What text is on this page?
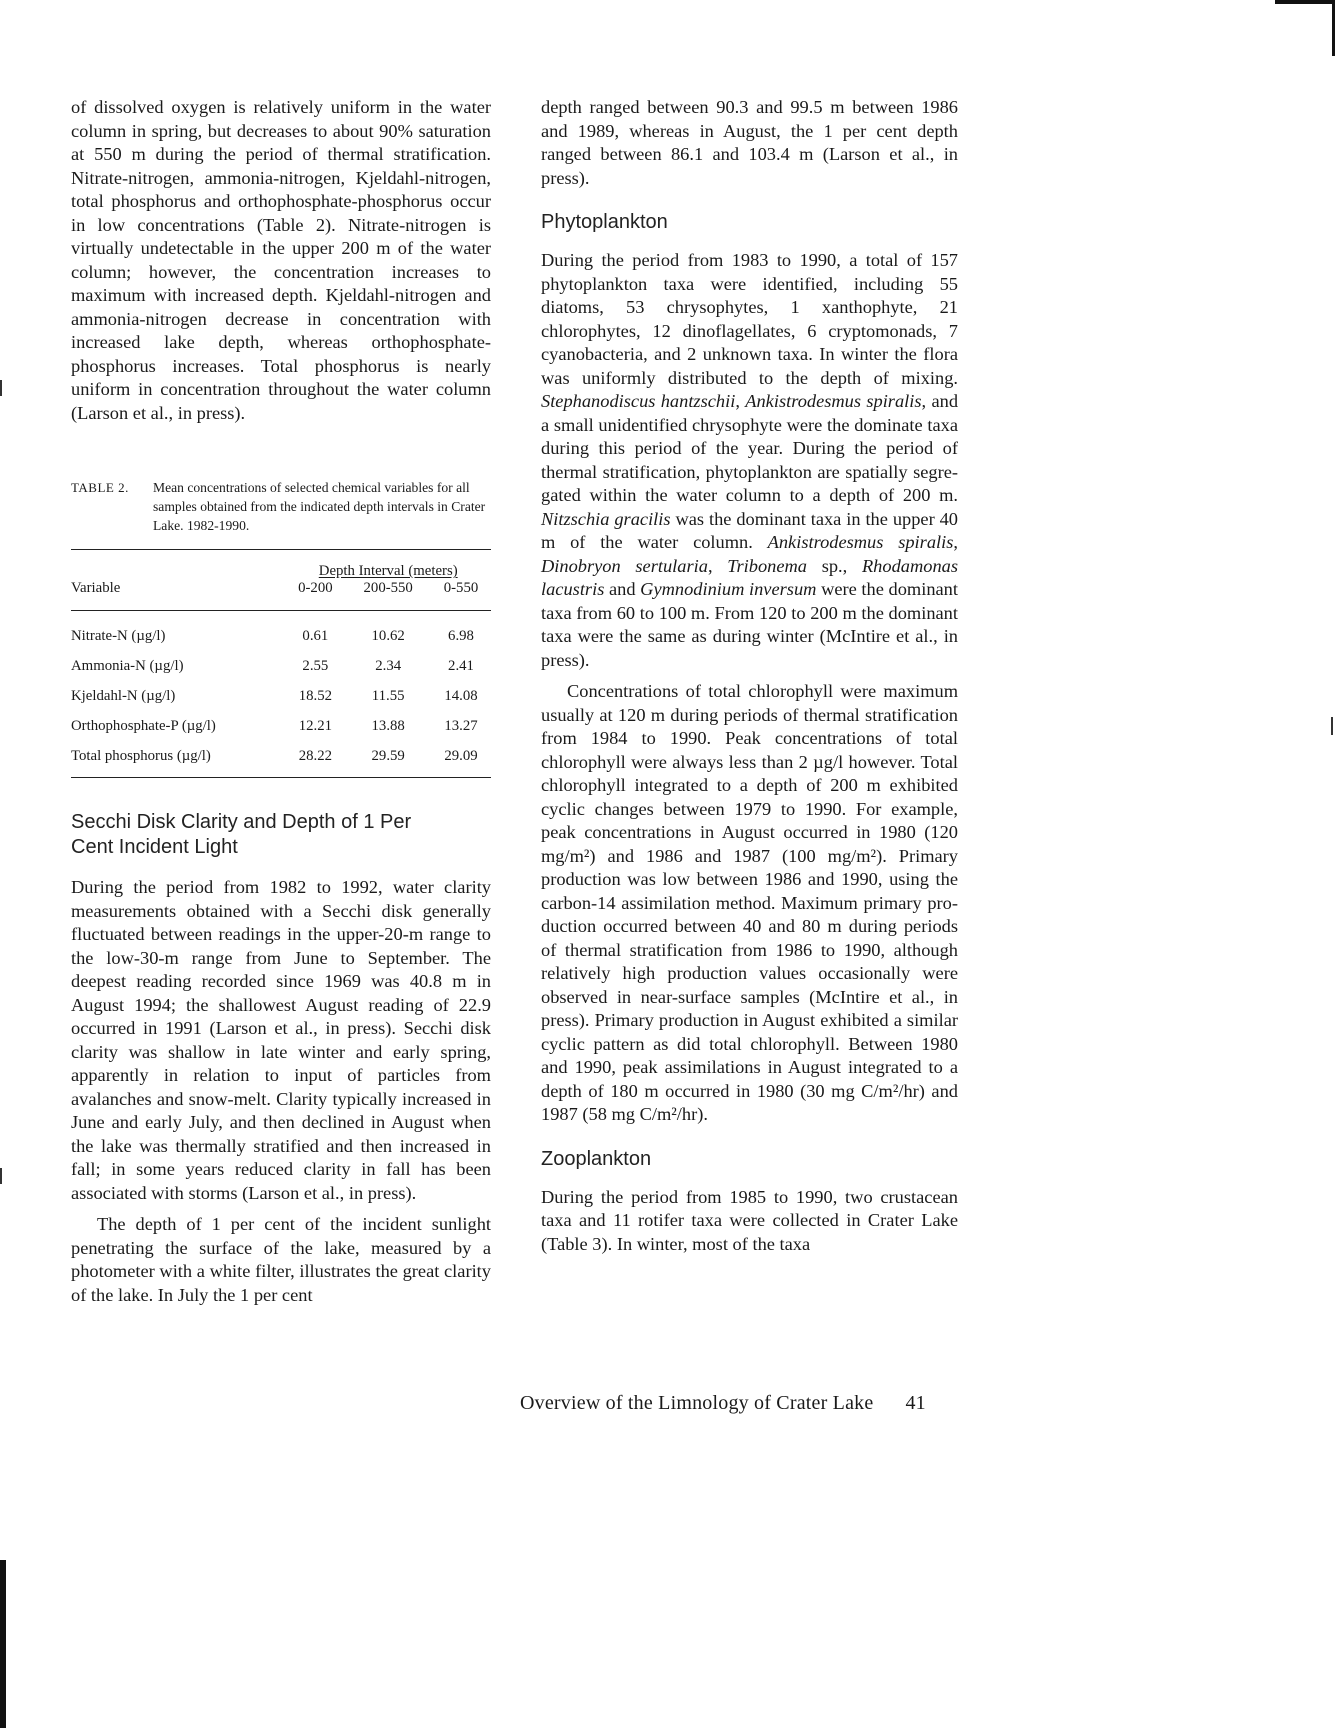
of dissolved oxygen is relatively uniform in the water column in spring, but decreases to about 90% saturation at 550 m during the period of thermal stratification. Nitrate-nitrogen, ammonia-nitrogen, Kjeldahl-nitrogen, total phosphorus and orthophosphate-phosphorus occur in low concentrations (Table 2). Nitrate-nitrogen is virtually undetectable in the upper 200 m of the water column; however, the concentration increases to maximum with increased depth. Kjeldahl-nitrogen and ammonia-nitrogen decrease in concentration with increased lake depth, whereas orthophosphate-phosphorus increases. Total phosphorus is nearly uniform in concentration throughout the water column (Larson et al., in press).

TABLE 2. Mean concentrations of selected chemical variables for all samples obtained from the indicated depth intervals in Crater Lake. 1982-1990.
	Depth Interval (meters)		
Variable	0-200	200-550	0-550

Nitrate-N (µg/l)	0.61	10.62	6.98
Ammonia-N (µg/l)	2.55	2.34	2.41
Kjeldahl-N (µg/l)	18.52	11.55	14.08
Orthophosphate-P (µg/l)	12.21	13.88	13.27
Total phosphorus (µg/l)	28.22	29.59	29.09
Secchi Disk Clarity and Depth of 1 Per Cent Incident Light

During the period from 1982 to 1992, water clarity measurements obtained with a Secchi disk generally fluctuated between readings in the upper-20-m range to the low-30-m range from June to September. The deepest reading recorded since 1969 was 40.8 m in August 1994; the shallowest August reading of 22.9 occurred in 1991 (Larson et al., in press). Secchi disk clarity was shallow in late winter and early spring, apparently in relation to input of particles from avalanches and snow-melt. Clarity typically increased in June and early July, and then declined in August when the lake was thermally stratified and then increased in fall; in some years reduced clarity in fall has been associated with storms (Larson et al., in press).

The depth of 1 per cent of the incident sunlight penetrating the surface of the lake, measured by a photometer with a white filter, illustrates the great clarity of the lake. In July the 1 per cent

depth ranged between 90.3 and 99.5 m between 1986 and 1989, whereas in August, the 1 per cent depth ranged between 86.1 and 103.4 m (Larson et al., in press).

Phytoplankton

During the period from 1983 to 1990, a total of 157 phytoplankton taxa were identified, including 55 diatoms, 53 chrysophytes, 1 xanthophyte, 21 chlorophytes, 12 dinoflagellates, 6 cryptomonads, 7 cyanobacteria, and 2 unknown taxa. In winter the flora was uniformly distributed to the depth of mixing. Stephanodiscus hantzschii, Ankistrodesmus spiralis, and a small unidentified chrysophyte were the dominate taxa during this period of the year. During the period of thermal stratification, phytoplankton are spatially segregated within the water column to a depth of 200 m. Nitzschia gracilis was the dominant taxa in the upper 40 m of the water column. Ankistrodesmus spiralis, Dinobryon sertularia, Tribonema sp., Rhodamonas lacustris and Gymnodinium inversum were the dominant taxa from 60 to 100 m. From 120 to 200 m the dominant taxa were the same as during winter (McIntire et al., in press).

Concentrations of total chlorophyll were maximum usually at 120 m during periods of thermal stratification from 1984 to 1990. Peak concentrations of total chlorophyll were always less than 2 µg/l however. Total chlorophyll integrated to a depth of 200 m exhibited cyclic changes between 1979 to 1990. For example, peak concentrations in August occurred in 1980 (120 mg/m²) and 1986 and 1987 (100 mg/m²). Primary production was low between 1986 and 1990, using the carbon-14 assimilation method. Maximum primary production occurred between 40 and 80 m during periods of thermal stratification from 1986 to 1990, although relatively high production values occasionally were observed in near-surface samples (McIntire et al., in press). Primary production in August exhibited a similar cyclic pattern as did total chlorophyll. Between 1980 and 1990, peak assimilations in August integrated to a depth of 180 m occurred in 1980 (30 mg C/m²/hr) and 1987 (58 mg C/m²/hr).

Zooplankton

During the period from 1985 to 1990, two crustacean taxa and 11 rotifer taxa were collected in Crater Lake (Table 3). In winter, most of the taxa

Overview of the Limnology of Crater Lake 41
